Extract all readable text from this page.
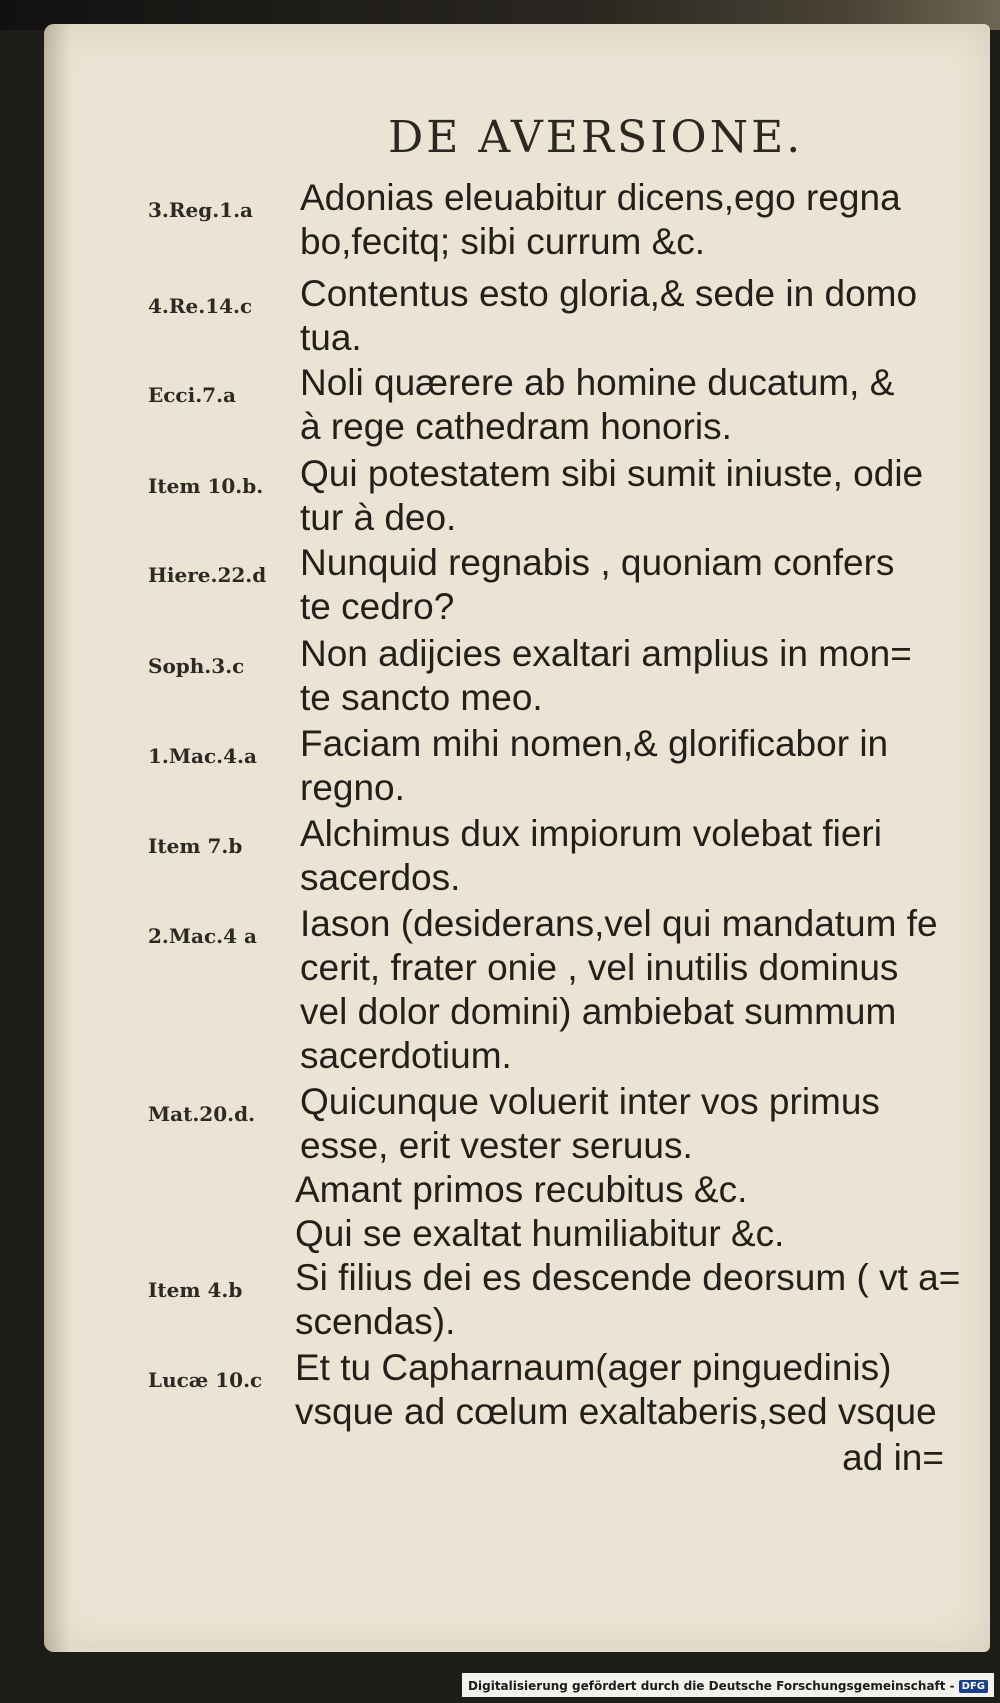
DE AVERSIONE.
3.Reg.1.a	Adonias eleuabitur dicens,ego regna
bo,fecitq; sibi currum &c.
4.Re.14.c	Contentus esto gloria,& sede in domo
tua.
Ecci.7.a	Noli quærere ab homine ducatum, &
à rege cathedram honoris.
Item 10.b. Qui potestatem sibi sumit iniuste, odie
tur à deo.
Hiere.22.d Nunquid regnabis , quoniam confers
te cedro?
Soph.3.c	Non adijcies exaltari amplius in mon=
te sancto meo.
1.Mac.4.a	Faciam mihi nomen,& glorificabor in
regno.
Item 7.b	Alchimus dux impiorum volebat fieri
sacerdos.
2.Mac.4 a	Iason (desiderans,vel qui mandatum fe
cerit, frater onie , vel inutilis dominus
vel dolor domini) ambiebat summum
sacerdotium.
Mat.20.d.	Quicunque voluerit inter vos primus
esse, erit vester seruus.
Amant primos recubitus &c.
Qui se exaltat humiliabitur &c.
Item 4.b	Si filius dei es descende deorsum ( vt a=
scendas).
Lucæ 10.c Et tu Capharnaum(ager pinguedinis)
vsque ad cœlum exaltaberis,sed vsque
ad in=
Digitalisierung gefördert durch die Deutsche Forschungsgemeinschaft - DFG
